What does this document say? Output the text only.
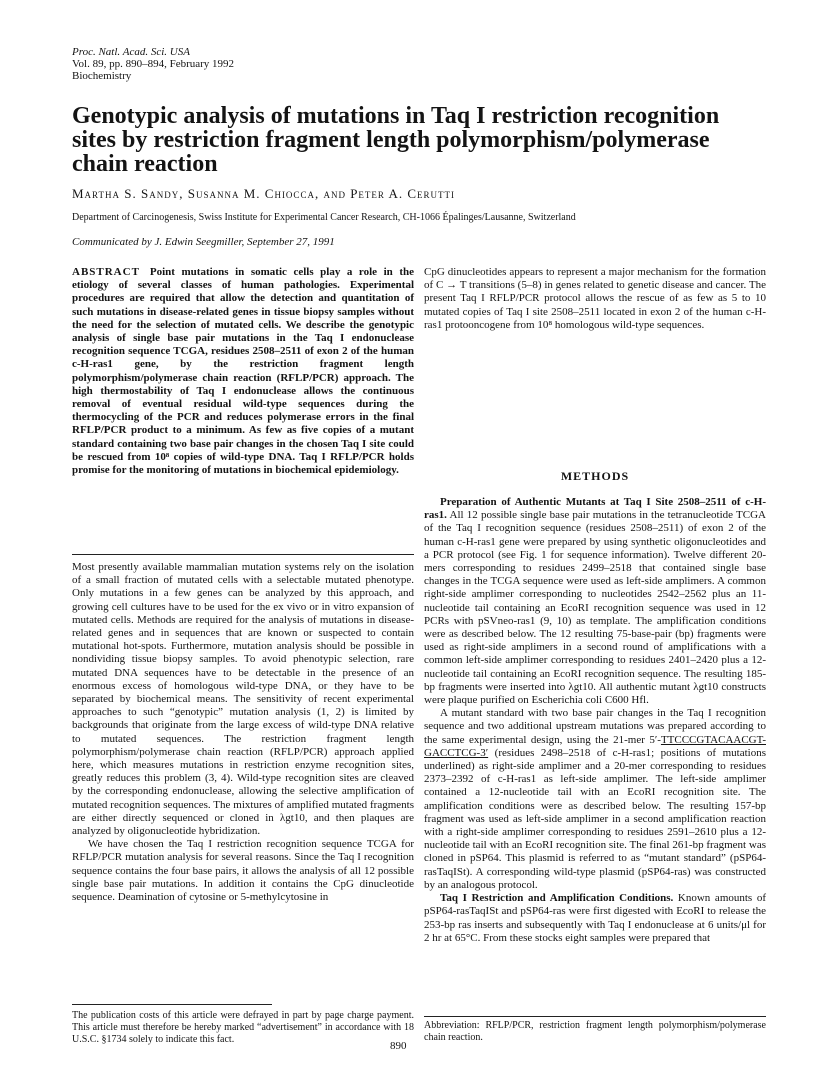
Proc. Natl. Acad. Sci. USA
Vol. 89, pp. 890–894, February 1992
Biochemistry
Genotypic analysis of mutations in Taq I restriction recognition sites by restriction fragment length polymorphism/polymerase chain reaction
Martha S. Sandy, Susanna M. Chiocca, and Peter A. Cerutti
Department of Carcinogenesis, Swiss Institute for Experimental Cancer Research, CH-1066 Épalinges/Lausanne, Switzerland
Communicated by J. Edwin Seegmiller, September 27, 1991

ABSTRACT Point mutations in somatic cells play a role in the etiology of several classes of human pathologies. Experimental procedures are required that allow the detection and quantitation of such mutations in disease-related genes in tissue biopsy samples without the need for the selection of mutated cells. We describe the genotypic analysis of single base pair mutations in the Taq I endonuclease recognition sequence TCGA, residues 2508–2511 of exon 2 of the human c-H-ras1 gene, by the restriction fragment length polymorphism/polymerase chain reaction (RFLP/PCR) approach. The high thermostability of Taq I endonuclease allows the continuous removal of eventual residual wild-type sequences during the thermocycling of the PCR and reduces polymerase errors in the final RFLP/PCR product to a minimum. As few as five copies of a mutant standard containing two base pair changes in the chosen Taq I site could be rescued from 10⁸ copies of wild-type DNA. Taq I RFLP/PCR holds promise for the monitoring of mutations in biochemical epidemiology.

Most presently available mammalian mutation systems rely on the isolation of a small fraction of mutated cells with a selectable mutated phenotype. Only mutations in a few genes can be analyzed by this approach, and growing cell cultures have to be used for the ex vivo or in vitro expansion of mutated cells. Methods are required for the analysis of mutations in disease-related genes and in sequences that are known or suspected to contain mutational hot-spots. Furthermore, mutation analysis should be possible in nondividing tissue biopsy samples. To avoid phenotypic selection, rare mutated DNA sequences have to be detectable in the presence of an enormous excess of homologous wild-type DNA, or they have to be separated by biochemical means. The sensitivity of recent experimental approaches to such “genotypic” mutation analysis (1, 2) is limited by backgrounds that originate from the large excess of wild-type DNA relative to mutated sequences. The restriction fragment length polymorphism/polymerase chain reaction (RFLP/PCR) approach applied here, which measures mutations in restriction enzyme recognition sites, greatly reduces this problem (3, 4). Wild-type recognition sites are cleaved by the corresponding endonuclease, allowing the selective amplification of mutated recognition sequences. The mixtures of amplified mutated fragments are either directly sequenced or cloned in λgt10, and then plaques are analyzed by oligonucleotide hybridization.

We have chosen the Taq I restriction recognition sequence TCGA for RFLP/PCR mutation analysis for several reasons. Since the Taq I recognition sequence contains the four base pairs, it allows the analysis of all 12 possible single base pair mutations. In addition it contains the CpG dinucleotide sequence. Deamination of cytosine or 5-methylcytosine in

The publication costs of this article were defrayed in part by page charge payment. This article must therefore be hereby marked “advertisement” in accordance with 18 U.S.C. §1734 solely to indicate this fact.

CpG dinucleotides appears to represent a major mechanism for the formation of C → T transitions (5–8) in genes related to genetic disease and cancer. The present Taq I RFLP/PCR protocol allows the rescue of as few as 5 to 10 mutated copies of Taq I site 2508–2511 located in exon 2 of the human c-H-ras1 protooncogene from 10⁸ homologous wild-type sequences.

METHODS

Preparation of Authentic Mutants at Taq I Site 2508–2511 of c-H-ras1. All 12 possible single base pair mutations in the tetranucleotide TCGA of the Taq I recognition sequence (residues 2508–2511) of exon 2 of the human c-H-ras1 gene were prepared by using synthetic oligonucleotides and a PCR protocol (see Fig. 1 for sequence information). Twelve different 20-mers corresponding to residues 2499–2518 that contained single base changes in the TCGA sequence were used as left-side amplimers. A common right-side amplimer corresponding to nucleotides 2542–2562 plus an 11-nucleotide tail containing an EcoRI recognition sequence was used in 12 PCRs with pSVneo-ras1 (9, 10) as template. The amplification conditions were as described below. The 12 resulting 75-base-pair (bp) fragments were used as right-side amplimers in a second round of amplifications with a common left-side amplimer corresponding to residues 2401–2420 plus a 12-nucleotide tail containing an EcoRI recognition sequence. The resulting 185-bp fragments were inserted into λgt10. All authentic mutant λgt10 constructs were plaque purified on Escherichia coli C600 Hfl.

A mutant standard with two base pair changes in the Taq I recognition sequence and two additional upstream mutations was prepared according to the same experimental design, using the 21-mer 5′-TTCCCGTACAACGT-GACCTCG-3′ (residues 2498–2518 of c-H-ras1; positions of mutations underlined) as right-side amplimer and a 20-mer corresponding to residues 2373–2392 of c-H-ras1 as left-side amplimer. The left-side amplimer contained a 12-nucleotide tail with an EcoRI recognition site. The amplification conditions were as described below. The resulting 157-bp fragment was used as left-side amplimer in a second amplification reaction with a right-side amplimer corresponding to residues 2591–2610 plus a 12-nucleotide tail with an EcoRI recognition site. The final 261-bp fragment was cloned in pSP64. This plasmid is referred to as “mutant standard” (pSP64-rasTaqISt). A corresponding wild-type plasmid (pSP64-ras) was constructed by an analogous protocol.

Taq I Restriction and Amplification Conditions. Known amounts of pSP64-rasTaqISt and pSP64-ras were first digested with EcoRI to release the 253-bp ras inserts and subsequently with Taq I endonuclease at 6 units/μl for 2 hr at 65°C. From these stocks eight samples were prepared that

Abbreviation: RFLP/PCR, restriction fragment length polymorphism/polymerase chain reaction.
890
